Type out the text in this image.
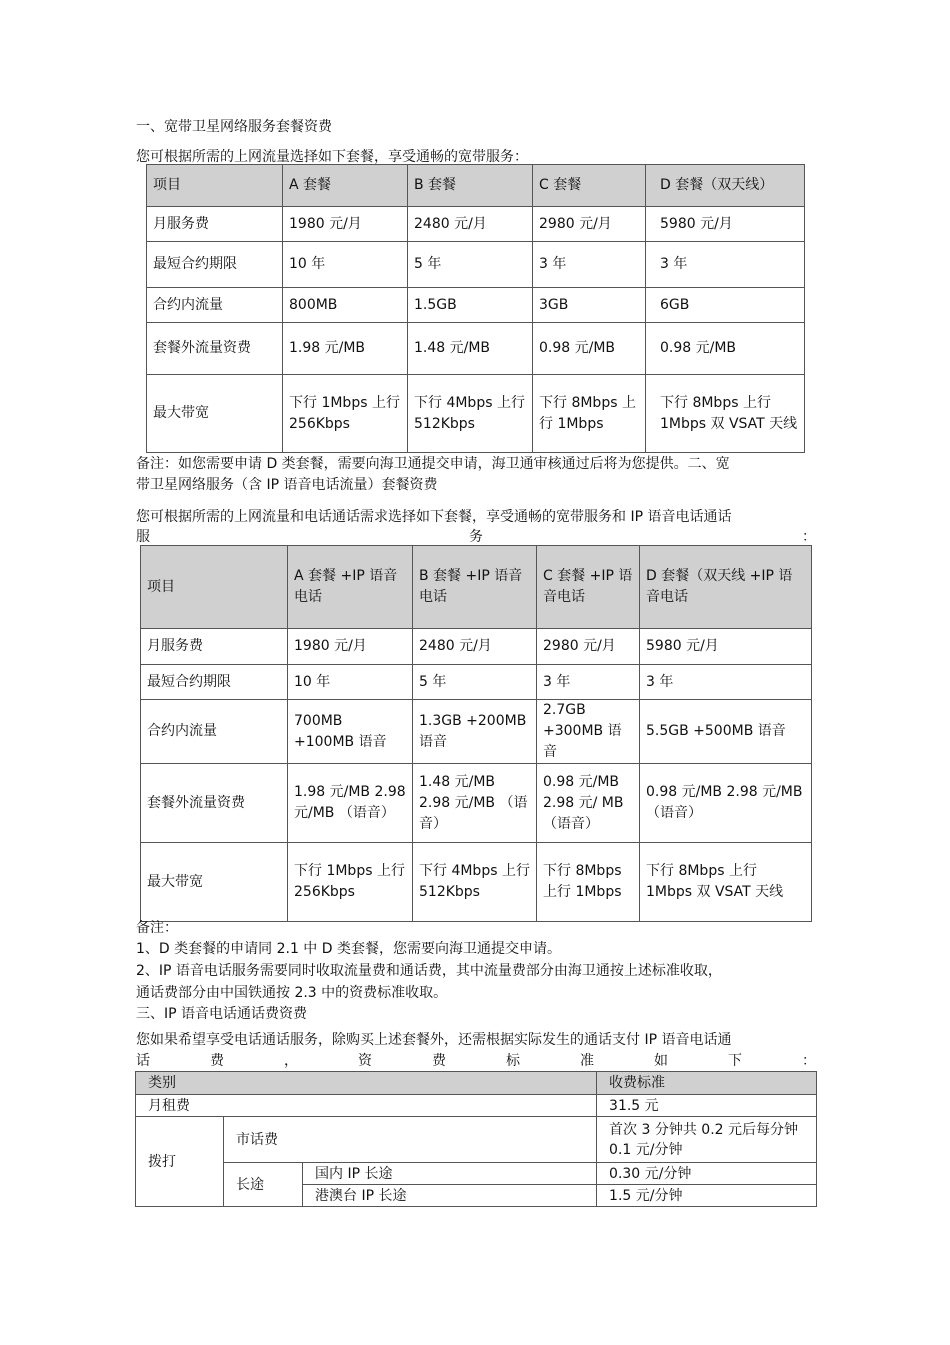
一、宽带卫星网络服务套餐资费
您可根据所需的上网流量选择如下套餐，享受通畅的宽带服务：
项目	A 套餐	B 套餐	C 套餐	D 套餐（双天线）
月服务费	1980 元/月	2480 元/月	2980 元/月	5980 元/月
最短合约期限	10 年	5 年	3 年	3 年
合约内流量	800MB	1.5GB	3GB	6GB
套餐外流量资费	1.98 元/MB	1.48 元/MB	0.98 元/MB	0.98 元/MB
最大带宽	下行 1Mbps 上行 256Kbps	下行 4Mbps 上行 512Kbps	下行 8Mbps 上行 1Mbps	下行 8Mbps 上行 1Mbps 双 VSAT 天线
备注：如您需要申请 D 类套餐，需要向海卫通提交申请，海卫通审核通过后将为您提供。二、宽
带卫星网络服务（含 IP 语音电话流量）套餐资费
您可根据所需的上网流量和电话通话需求选择如下套餐，享受通畅的宽带服务和 IP 语音电话通话
服	务	：
项目	A 套餐 +IP 语音电话	B 套餐 +IP 语音电话	C 套餐 +IP 语音电话	D 套餐（双天线 +IP 语音电话
月服务费	1980 元/月	2480 元/月	2980 元/月	5980 元/月
最短合约期限	10 年	5 年	3 年	3 年
合约内流量	700MB +100MB 语音	1.3GB +200MB 语音	2.7GB +300MB 语音	5.5GB +500MB 语音
套餐外流量资费	1.98 元/MB 2.98 元/MB （语音）	1.48 元/MB 2.98 元/MB （语音）	0.98 元/MB 2.98 元/ MB（语音）	0.98 元/MB 2.98 元/MB（语音）
最大带宽	下行 1Mbps 上行 256Kbps	下行 4Mbps 上行 512Kbps	下行 8Mbps 上行 1Mbps	下行 8Mbps 上行 1Mbps 双 VSAT 天线
备注：
1、D 类套餐的申请同 2.1 中 D 类套餐，您需要向海卫通提交申请。
2、IP 语音电话服务需要同时收取流量费和通话费，其中流量费部分由海卫通按上述标准收取，
通话费部分由中国铁通按 2.3 中的资费标准收取。
三、IP 语音电话通话费资费
您如果希望享受电话通话服务，除购买上述套餐外，还需根据实际发生的通话支付 IP 语音电话通
话	费	，	资	费	标	准	如	下	：
类别			收费标准
月租费			31.5 元
拨打	市话费		首次 3 分钟共 0.2 元后每分钟 0.1 元/分钟
	长途	国内 IP 长途	0.30 元/分钟
		港澳台 IP 长途	1.5 元/分钟
